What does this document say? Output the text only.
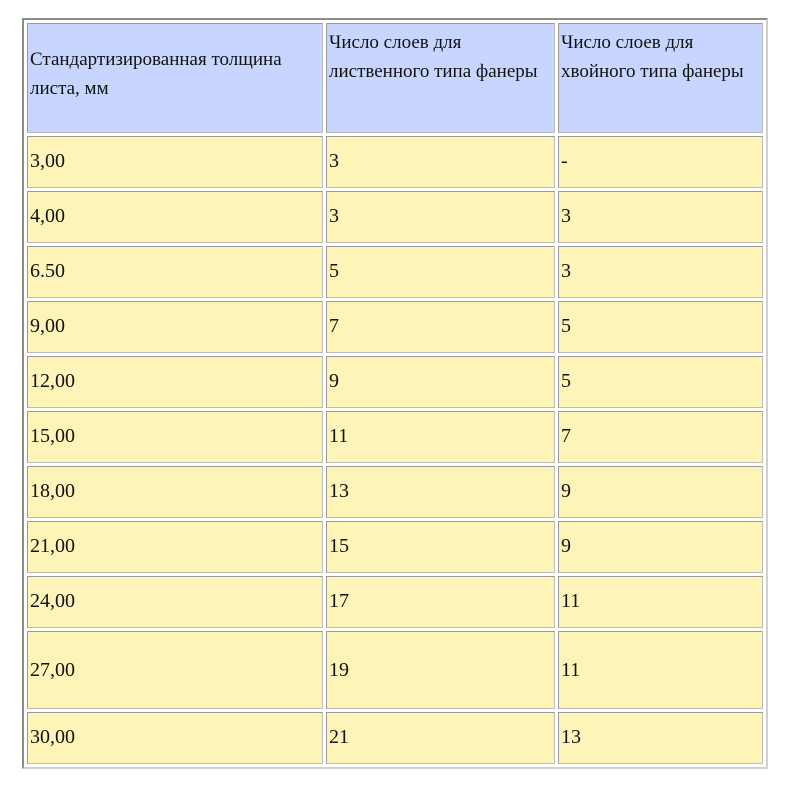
Стандартизированная толщина листа, мм	Число слоев для лиственного типа фанеры	Число слоев для хвойного типа фанеры

3,00	3	-
4,00	3	3
6.50	5	3
9,00	7	5
12,00	9	5
15,00	11	7
18,00	13	9
21,00	15	9
24,00	17	11
27,00	19	11
30,00	21	13
